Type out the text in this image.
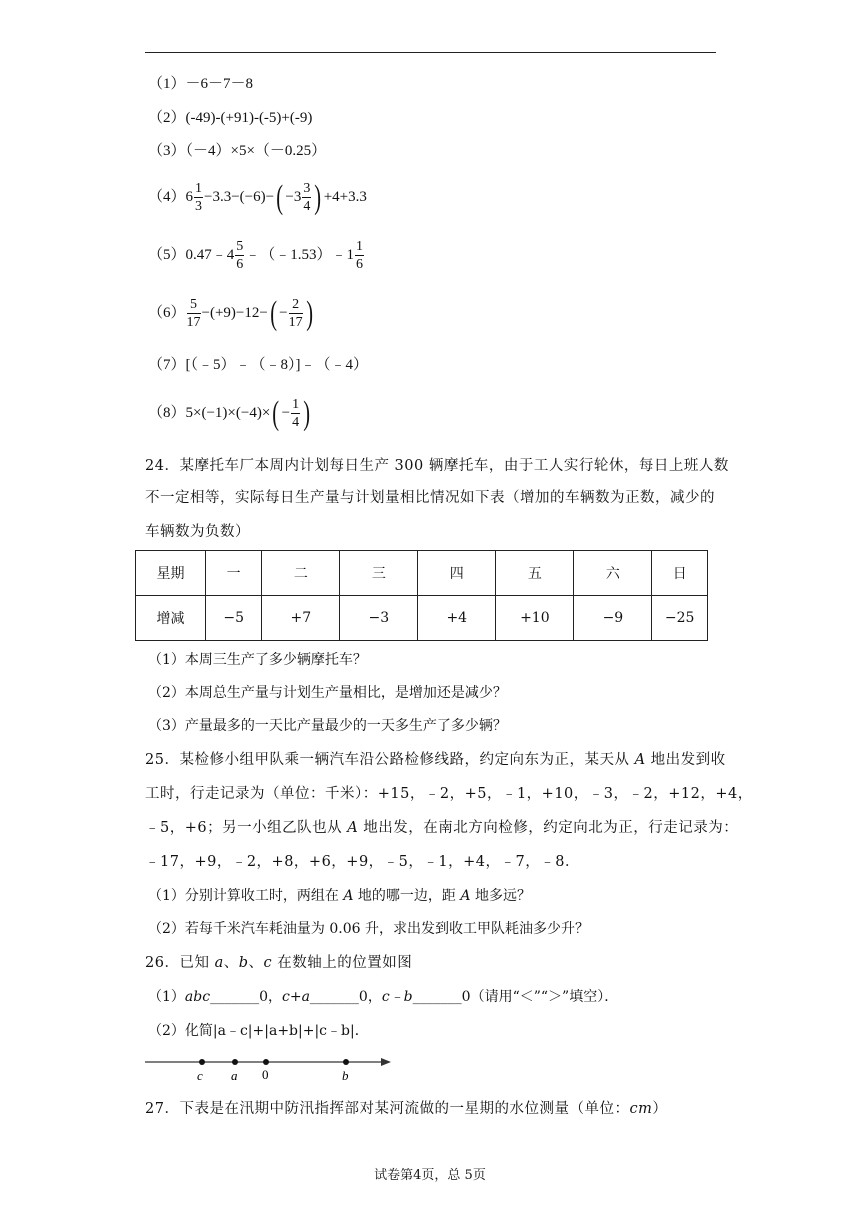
（1）－6－7－8
（2）(-49)-(+91)-(-5)+(-9)
（3）（－4）×5×（－0.25）
$(4)6 \frac{1}{3} -3.3-(-6)-( -3 \frac{3}{4}$ ) +4+3.3
（5）0.47﹣4 $\frac{5}{6}$ ﹣（﹣1.53）﹣1 $\frac{1}{6}$
$(6) \frac{5}{17} -(+9)-12-( - \frac{2}{17}$ )
（7）[（﹣5）﹣（﹣8）]﹣（﹣4）
$(8)5\times(-1)\times(-4)\times( - \frac{1}{4}$ )
24．某摩托车厂本周内计划每日生产 300 辆摩托车，由于工人实行轮休，每日上班人数
不一定相等，实际每日生产量与计划量相比情况如下表（增加的车辆数为正数，减少的
车辆数为负数）
星期	一	二	三	四	五	六	日
增减	−5	+7	−3	+4	+10	−9	−25
（1）本周三生产了多少辆摩托车？
（2）本周总生产量与计划生产量相比，是增加还是减少？
（3）产量最多的一天比产量最少的一天多生产了多少辆？
25．某检修小组甲队乘一辆汽车沿公路检修线路，约定向东为正，某天从 A 地出发到收
工时，行走记录为（单位：千米）：+15，﹣2，+5，﹣1，+10，﹣3，﹣2，+12，+4，
﹣5，+6；另一小组乙队也从 A 地出发，在南北方向检修，约定向北为正，行走记录为：
﹣17，+9，﹣2，+8，+6，+9，﹣5，﹣1，+4，﹣7，﹣8．
（1）分别计算收工时，两组在 A 地的哪一边，距 A 地多远？
（2）若每千米汽车耗油量为 0.06 升，求出发到收工甲队耗油多少升？
26．已知 a、b、c 在数轴上的位置如图
（1）abc_______0，c+a_______0，c﹣b_______0（请用“＜”“＞”填空）．
（2）化简|a﹣c|+|a+b|+|c﹣b|．
c a 0	b
27．下表是在汛期中防汛指挥部对某河流做的一星期的水位测量（单位：cm）
试卷第4页，总 5页
